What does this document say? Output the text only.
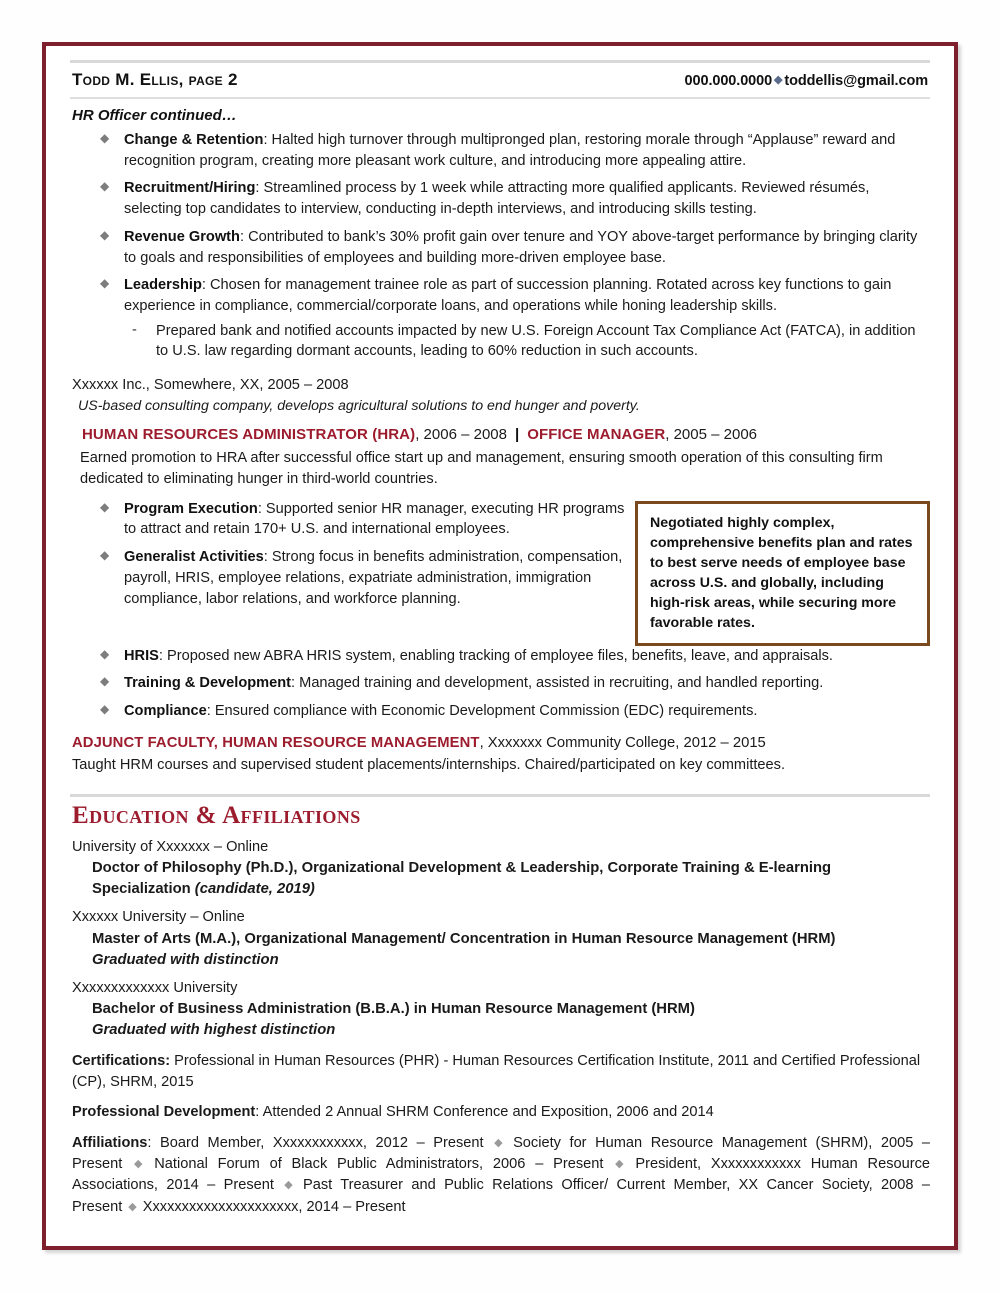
Todd M. Ellis, page 2	000.000.0000 ◆ toddellis@gmail.com
HR Officer continued…
◆ Change & Retention: Halted high turnover through multipronged plan, restoring morale through “Applause” reward and recognition program, creating more pleasant work culture, and introducing more appealing attire.
◆ Recruitment/Hiring: Streamlined process by 1 week while attracting more qualified applicants. Reviewed résumés, selecting top candidates to interview, conducting in-depth interviews, and introducing skills testing.
◆ Revenue Growth: Contributed to bank’s 30% profit gain over tenure and YOY above-target performance by bringing clarity to goals and responsibilities of employees and building more-driven employee base.
◆ Leadership: Chosen for management trainee role as part of succession planning. Rotated across key functions to gain experience in compliance, commercial/corporate loans, and operations while honing leadership skills.
- Prepared bank and notified accounts impacted by new U.S. Foreign Account Tax Compliance Act (FATCA), in addition to U.S. law regarding dormant accounts, leading to 60% reduction in such accounts.
Xxxxxx Inc., Somewhere, XX, 2005 – 2008
US-based consulting company, develops agricultural solutions to end hunger and poverty.
HUMAN RESOURCES ADMINISTRATOR (HRA), 2006 – 2008 | OFFICE MANAGER, 2005 – 2006
Earned promotion to HRA after successful office start up and management, ensuring smooth operation of this consulting firm dedicated to eliminating hunger in third-world countries.
◆ Program Execution: Supported senior HR manager, executing HR programs to attract and retain 170+ U.S. and international employees.
◆ Generalist Activities: Strong focus in benefits administration, compensation, payroll, HRIS, employee relations, expatriate administration, immigration compliance, labor relations, and workforce planning.
Negotiated highly complex, comprehensive benefits plan and rates to best serve needs of employee base across U.S. and globally, including high-risk areas, while securing more favorable rates.
◆ HRIS: Proposed new ABRA HRIS system, enabling tracking of employee files, benefits, leave, and appraisals.
◆ Training & Development: Managed training and development, assisted in recruiting, and handled reporting.
◆ Compliance: Ensured compliance with Economic Development Commission (EDC) requirements.
ADJUNCT FACULTY, HUMAN RESOURCE MANAGEMENT, Xxxxxxx Community College, 2012 – 2015
Taught HRM courses and supervised student placements/internships. Chaired/participated on key committees.
Education & Affiliations
University of Xxxxxxx – Online
Doctor of Philosophy (Ph.D.), Organizational Development & Leadership, Corporate Training & E-learning Specialization (candidate, 2019)
Xxxxxx University – Online
Master of Arts (M.A.), Organizational Management/ Concentration in Human Resource Management (HRM)
Graduated with distinction
Xxxxxxxxxxxxx University
Bachelor of Business Administration (B.B.A.) in Human Resource Management (HRM)
Graduated with highest distinction
Certifications: Professional in Human Resources (PHR) - Human Resources Certification Institute, 2011 and Certified Professional (CP), SHRM, 2015
Professional Development: Attended 2 Annual SHRM Conference and Exposition, 2006 and 2014
Affiliations: Board Member, Xxxxxxxxxxxx, 2012 – Present ◆ Society for Human Resource Management (SHRM), 2005 – Present ◆ National Forum of Black Public Administrators, 2006 – Present ◆ President, Xxxxxxxxxxxx Human Resource Associations, 2014 – Present ◆ Past Treasurer and Public Relations Officer/ Current Member, XX Cancer Society, 2008 – Present ◆ Xxxxxxxxxxxxxxxxxxxxx, 2014 – Present
